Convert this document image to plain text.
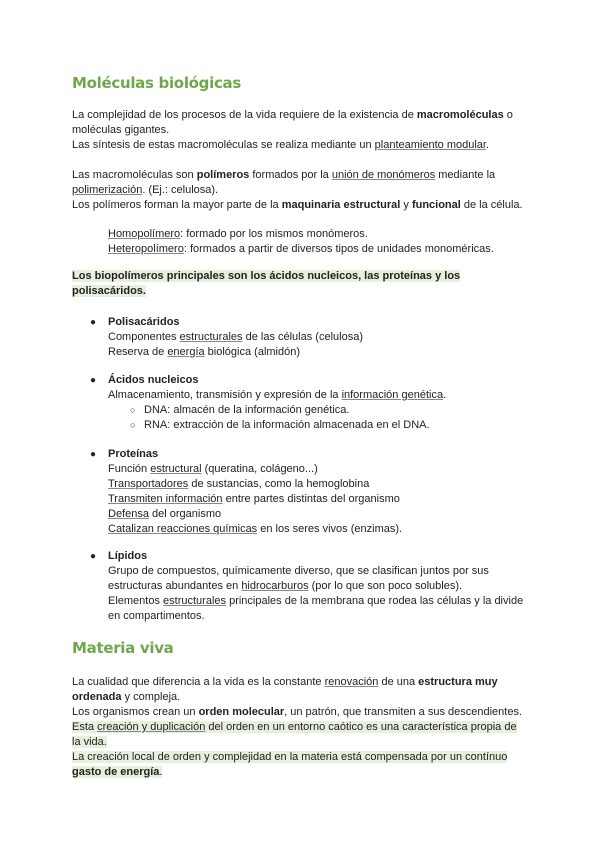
Moléculas biológicas

La complejidad de los procesos de la vida requiere de la existencia de macromoléculas o
moléculas gigantes.
Las síntesis de estas macromoléculas se realiza mediante un planteamiento modular.

Las macromoléculas son polímeros formados por la unión de monómeros mediante la
polimerización. (Ej.: celulosa).
Los polímeros forman la mayor parte de la maquinaria estructural y funcional de la célula.

Homopolímero: formado por los mismos monómeros.
Heteropolímero: formados a partir de diversos tipos de unidades monoméricas.

Los biopolímeros principales son los ácidos nucleicos, las proteínas y los
polisacáridos.

● Polisacáridos
Componentes estructurales de las células (celulosa)
Reserva de energía biológica (almidón)

● Ácidos nucleicos
Almacenamiento, transmisión y expresión de la información genética.

○ DNA: almacén de la información genética.
○ RNA: extracción de la información almacenada en el DNA.
● Proteínas
Función estructural (queratina, colágeno...)
Transportadores de sustancias, como la hemoglobina
Transmiten información entre partes distintas del organismo
Defensa del organismo
Catalizan reacciones químicas en los seres vivos (enzimas).

● Lípidos
Grupo de compuestos, químicamente diverso, que se clasifican juntos por sus
estructuras abundantes en hidrocarburos (por lo que son poco solubles).
Elementos estructurales principales de la membrana que rodea las células y la divide
en compartimentos.

Materia viva

La cualidad que diferencia a la vida es la constante renovación de una estructura muy
ordenada y compleja.
Los organismos crean un orden molecular, un patrón, que transmiten a sus descendientes.
Esta creación y duplicación del orden en un entorno caótico es una característica propia de
la vida.
La creación local de orden y complejidad en la materia está compensada por un contínuo
gasto de energía.
